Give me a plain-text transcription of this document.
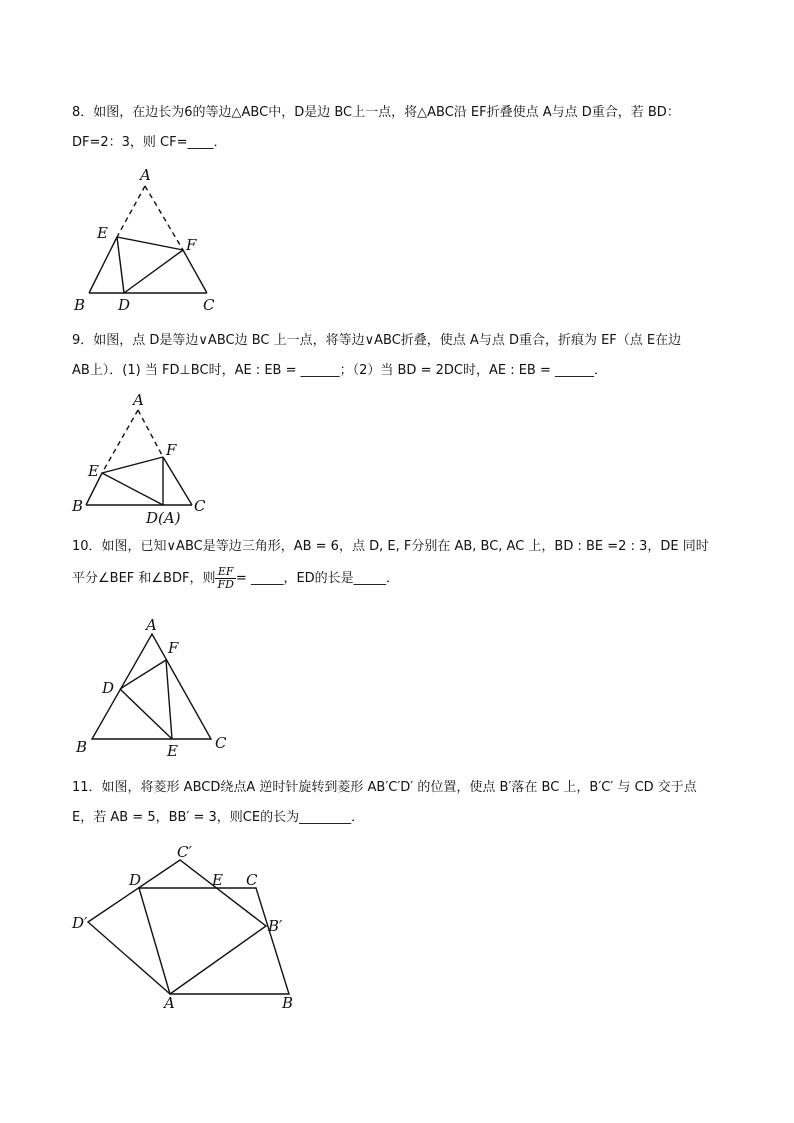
8．如图，在边长为6的等边△ABC中，D是边 BC上一点，将△ABC沿 EF折叠使点 A与点 D重合，若 BD：
DF=2：3，则 CF=____．
A
E
F
B D	C
9．如图，点 D是等边∨ABC边 BC 上一点，将等边∨ABC折叠，使点 A与点 D重合，折痕为 EF（点 E在边
AB上）．(1) 当 FD⊥BC时，AE : EB = ______；（2）当 BD = 2DC时，AE : EB = ______．
A
E
F
B
D(A)
C
10．如图，已知∨ABC是等边三角形，AB = 6，点 D, E, F分别在 AB, BC, AC 上，BD : BE =2 : 3，DE 同时
平分∠BEF 和∠BDF，则 $\frac{EF}{FD}$ = _____，ED的长是_____．
A
F
D
B	E C
11．如图，将菱形 ABCD绕点A 逆时针旋转到菱形 AB′C′D′ 的位置，使点 B′落在 BC 上，B′C′ 与 CD 交于点
E，若 AB = 5，BB′ = 3，则CE的长为________．
C′
D	E C
D′	B′
A	B
